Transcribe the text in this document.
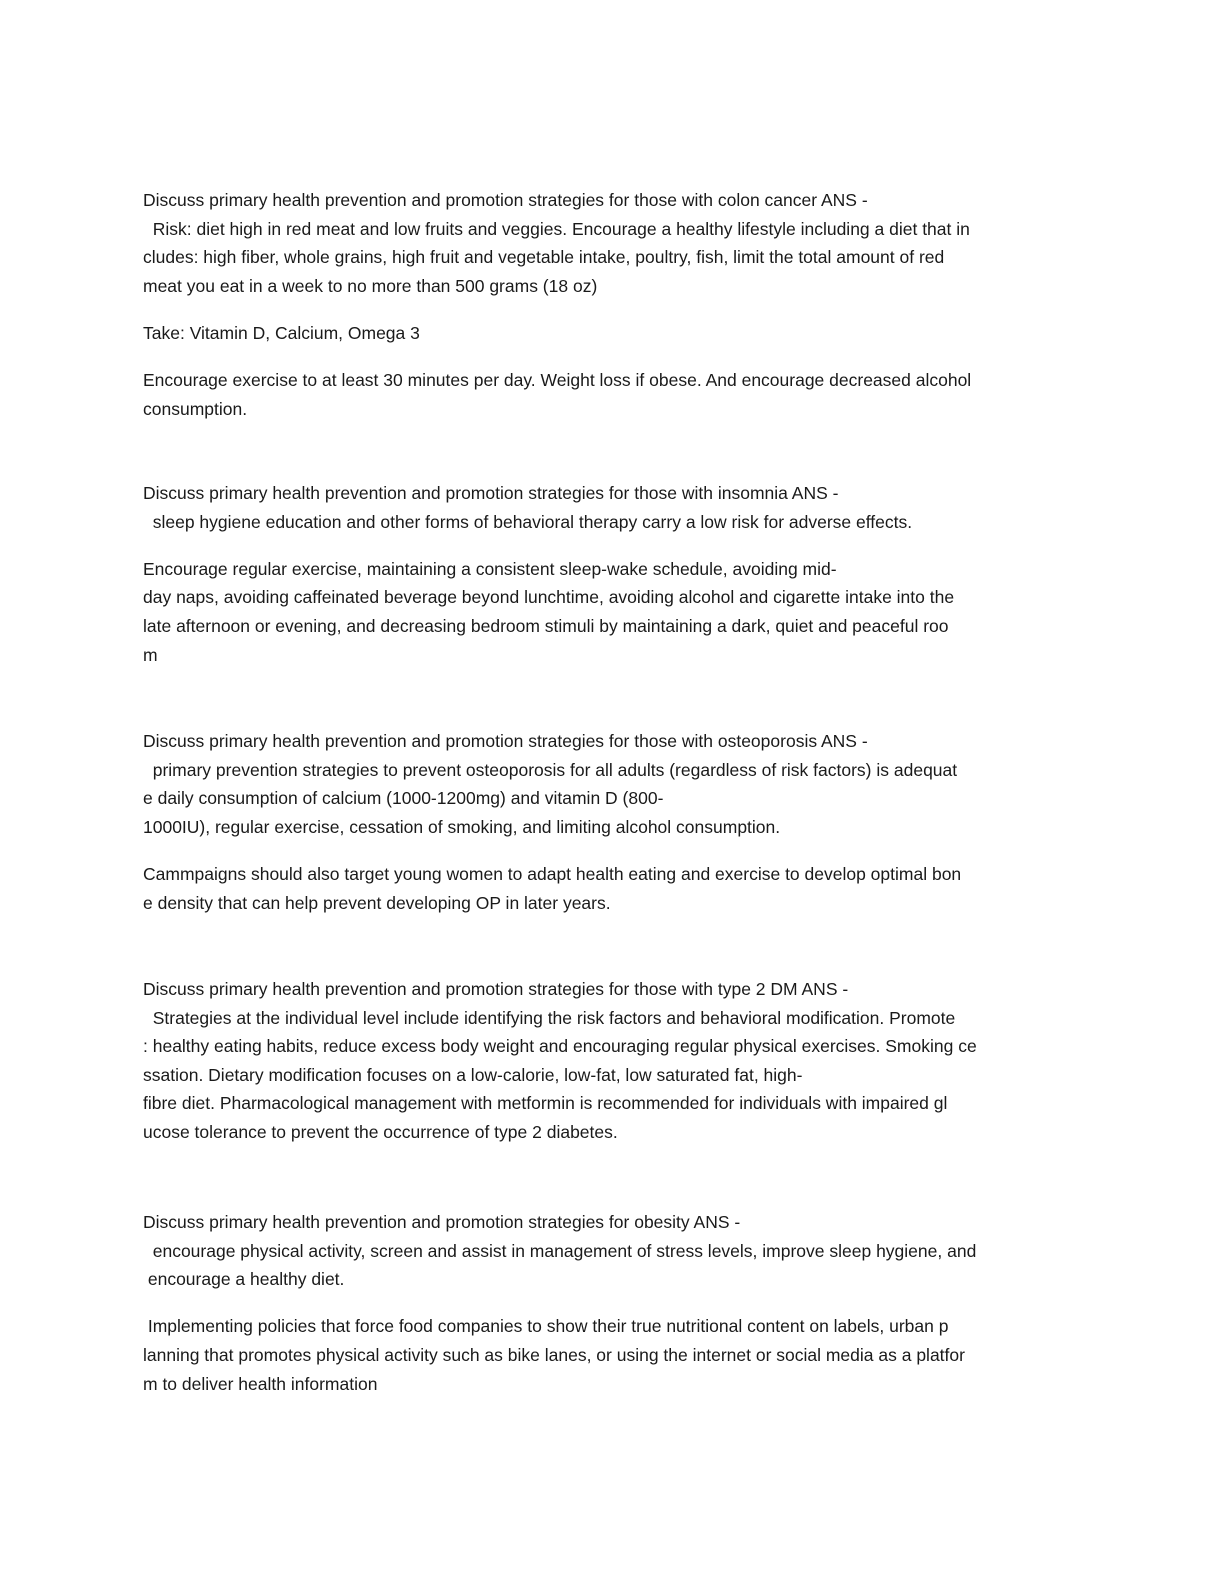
Discuss primary health prevention and promotion strategies for those with colon cancer ANS -
Risk: diet high in red meat and low fruits and veggies. Encourage a healthy lifestyle including a diet that in
cludes: high fiber, whole grains, high fruit and vegetable intake, poultry, fish, limit the total amount of red
meat you eat in a week to no more than 500 grams (18 oz)
Take: Vitamin D, Calcium, Omega 3
Encourage exercise to at least 30 minutes per day. Weight loss if obese. And encourage decreased alcohol
consumption.
Discuss primary health prevention and promotion strategies for those with insomnia ANS -
sleep hygiene education and other forms of behavioral therapy carry a low risk for adverse effects.
Encourage regular exercise, maintaining a consistent sleep-wake schedule, avoiding mid-
day naps, avoiding caffeinated beverage beyond lunchtime, avoiding alcohol and cigarette intake into the
late afternoon or evening, and decreasing bedroom stimuli by maintaining a dark, quiet and peaceful roo
m
Discuss primary health prevention and promotion strategies for those with osteoporosis ANS -
primary prevention strategies to prevent osteoporosis for all adults (regardless of risk factors) is adequat
e daily consumption of calcium (1000-1200mg) and vitamin D (800-
1000IU), regular exercise, cessation of smoking, and limiting alcohol consumption.
Cammpaigns should also target young women to adapt health eating and exercise to develop optimal bon
e density that can help prevent developing OP in later years.
Discuss primary health prevention and promotion strategies for those with type 2 DM ANS -
Strategies at the individual level include identifying the risk factors and behavioral modification. Promote
: healthy eating habits, reduce excess body weight and encouraging regular physical exercises. Smoking ce
ssation. Dietary modification focuses on a low-calorie, low-fat, low saturated fat, high-
fibre diet. Pharmacological management with metformin is recommended for individuals with impaired gl
ucose tolerance to prevent the occurrence of type 2 diabetes.
Discuss primary health prevention and promotion strategies for obesity ANS -
encourage physical activity, screen and assist in management of stress levels, improve sleep hygiene, and
encourage a healthy diet.
Implementing policies that force food companies to show their true nutritional content on labels, urban p
lanning that promotes physical activity such as bike lanes, or using the internet or social media as a platfor
m to deliver health information
